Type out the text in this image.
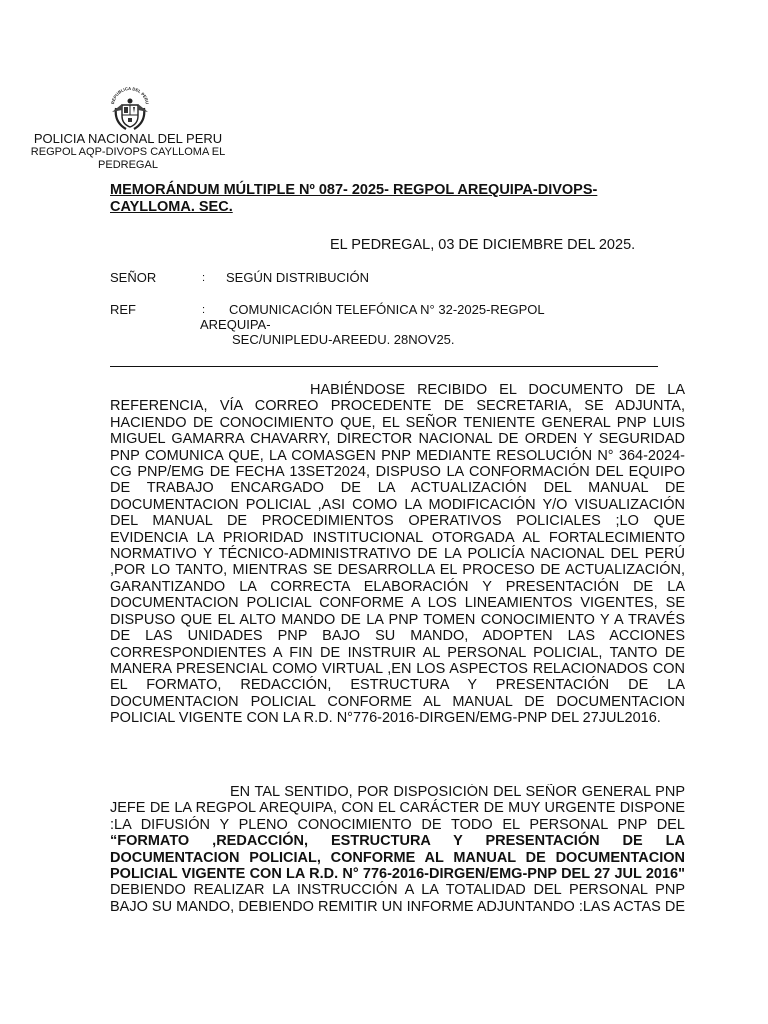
REPUBLICA DEL PERU
POLICIA NACIONAL DEL PERU
REGPOL AQP-DIVOPS CAYLLOMA EL PEDREGAL
MEMORÁNDUM MÚLTIPLE Nº 087- 2025- REGPOL AREQUIPA-DIVOPS-CAYLLOMA. SEC.
EL PEDREGAL, 03 DE DICIEMBRE DEL 2025.
SEÑOR	: SEGÚN DISTRIBUCIÓN
REF	: COMUNICACIÓN TELEFÓNICA N° 32-2025-REGPOL
AREQUIPA-
SEC/UNIPLEDU-AREEDU. 28NOV25.
HABIÉNDOSE RECIBIDO EL DOCUMENTO DE LA REFERENCIA, VÍA CORREO PROCEDENTE DE SECRETARIA, SE ADJUNTA, HACIENDO DE CONOCIMIENTO QUE, EL SEÑOR TENIENTE GENERAL PNP LUIS MIGUEL GAMARRA CHAVARRY, DIRECTOR NACIONAL DE ORDEN Y SEGURIDAD PNP COMUNICA QUE, LA COMASGEN PNP MEDIANTE RESOLUCIÓN N° 364-2024-CG PNP/EMG DE FECHA 13SET2024, DISPUSO LA CONFORMACIÓN DEL EQUIPO DE TRABAJO ENCARGADO DE LA ACTUALIZACIÓN DEL MANUAL DE DOCUMENTACION POLICIAL ,ASI COMO LA MODIFICACIÓN Y/O VISUALIZACIÓN DEL MANUAL DE PROCEDIMIENTOS OPERATIVOS POLICIALES ;LO QUE EVIDENCIA LA PRIORIDAD INSTITUCIONAL OTORGADA AL FORTALECIMIENTO NORMATIVO Y TÉCNICO-ADMINISTRATIVO DE LA POLICÍA NACIONAL DEL PERÚ ,POR LO TANTO, MIENTRAS SE DESARROLLA EL PROCESO DE ACTUALIZACIÓN, GARANTIZANDO LA CORRECTA ELABORACIÓN Y PRESENTACIÓN DE LA DOCUMENTACION POLICIAL CONFORME A LOS LINEAMIENTOS VIGENTES, SE DISPUSO QUE EL ALTO MANDO DE LA PNP TOMEN CONOCIMIENTO Y A TRAVÉS DE LAS UNIDADES PNP BAJO SU MANDO, ADOPTEN LAS ACCIONES CORRESPONDIENTES A FIN DE INSTRUIR AL PERSONAL POLICIAL, TANTO DE MANERA PRESENCIAL COMO VIRTUAL ,EN LOS ASPECTOS RELACIONADOS CON EL FORMATO, REDACCIÓN, ESTRUCTURA Y PRESENTACIÓN DE LA DOCUMENTACION POLICIAL CONFORME AL MANUAL DE DOCUMENTACION POLICIAL VIGENTE CON LA R.D. N°776-2016-DIRGEN/EMG-PNP DEL 27JUL2016.
EN TAL SENTIDO, POR DISPOSICIÓN DEL SEÑOR GENERAL PNP JEFE DE LA REGPOL AREQUIPA, CON EL CARÁCTER DE MUY URGENTE DISPONE :LA DIFUSIÓN Y PLENO CONOCIMIENTO DE TODO EL PERSONAL PNP DEL “FORMATO ,REDACCIÓN, ESTRUCTURA Y PRESENTACIÓN DE LA DOCUMENTACION POLICIAL, CONFORME AL MANUAL DE DOCUMENTACION POLICIAL VIGENTE CON LA R.D. N° 776-2016-DIRGEN/EMG-PNP DEL 27 JUL 2016" DEBIENDO REALIZAR LA INSTRUCCIÓN A LA TOTALIDAD DEL PERSONAL PNP BAJO SU MANDO, DEBIENDO REMITIR UN INFORME ADJUNTANDO :LAS ACTAS DE
